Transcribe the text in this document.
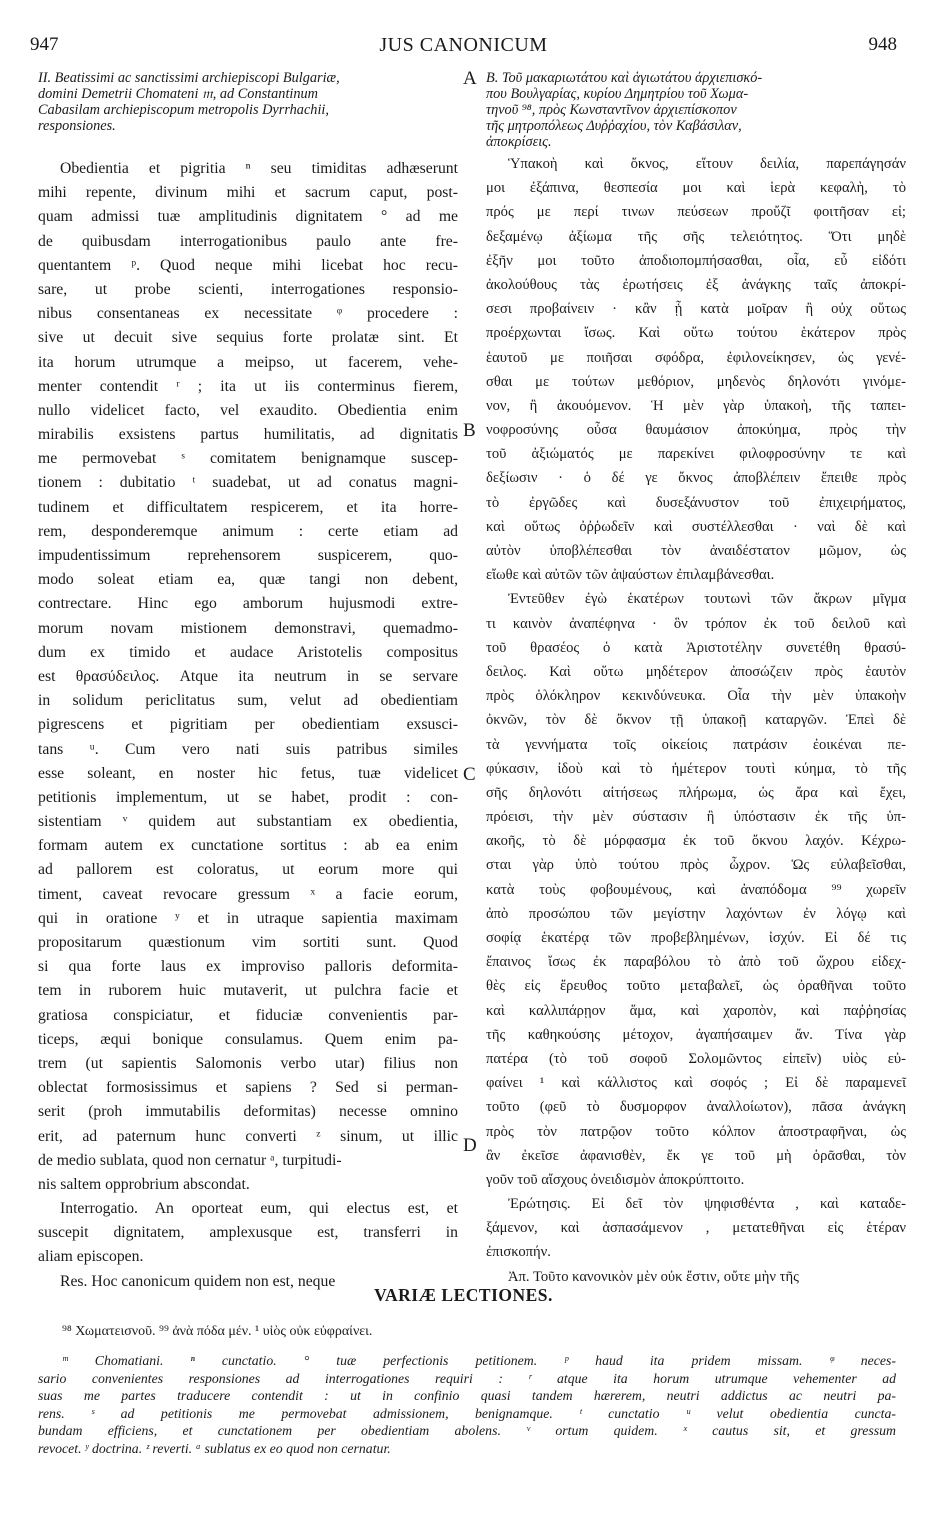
947	JUS CANONICUM	948
II. Beatissimi ac sanctissimi archiepiscopi Bulgariæ,
domini Demetrii Chomateni 𝔪, ad Constantinum
Cabasilam archiepiscopum metropolis Dyrrhachii,
responsiones.
Obedientia et pigritia ⁿ seu timiditas adhæserunt
mihi repente, divinum mihi et sacrum caput, post-
quam admissi tuæ amplitudinis dignitatem ° ad me
de quibusdam interrogationibus paulo ante fre-
quentantem ᵖ. Quod neque mihi licebat hoc recu-
sare, ut probe scienti, interrogationes responsio-
nibus consentaneas ex necessitate ᵠ procedere :
sive ut decuit sive sequius forte prolatæ sint. Et
ita horum utrumque a meipso, ut facerem, vehe-
menter contendit ʳ ; ita ut iis conterminus fierem,
nullo videlicet facto, vel exaudito. Obedientia enim
mirabilis exsistens partus humilitatis, ad dignitatis
me permovebat ˢ comitatem benignamque suscep-
tionem : dubitatio ᵗ suadebat, ut ad conatus magni-
tudinem et difficultatem respicerem, et ita horre-
rem, desponderemque animum : certe etiam ad
impudentissimum reprehensorem suspicerem, quo-
modo soleat etiam ea, quæ tangi non debent,
contrectare. Hinc ego amborum hujusmodi extre-
morum novam mistionem demonstravi, quemadmo-
dum ex timido et audace Aristotelis compositus
est θρασύδειλος. Atque ita neutrum in se servare
in solidum periclitatus sum, velut ad obedientiam
pigrescens et pigritiam per obedientiam exsusci-
tans ᵘ. Cum vero nati suis patribus similes
esse soleant, en noster hic fetus, tuæ videlicet
petitionis implementum, ut se habet, prodit : con-
sistentiam ᵛ quidem aut substantiam ex obedientia,
formam autem ex cunctatione sortitus : ab ea enim
ad pallorem est coloratus, ut eorum more qui
timent, caveat revocare gressum ˣ a facie eorum,
qui in oratione ʸ et in utraque sapientia maximam
propositarum quæstionum vim sortiti sunt. Quod
si qua forte laus ex improviso palloris deformita-
tem in ruborem huic mutaverit, ut pulchra facie et
gratiosa conspiciatur, et fiduciæ convenientis par-
ticeps, æqui bonique consulamus. Quem enim pa-
trem (ut sapientis Salomonis verbo utar) filius non
oblectat formosissimus et sapiens ? Sed si perman-
serit (proh immutabilis deformitas) necesse omnino
erit, ad paternum hunc converti ᶻ sinum, ut illic
de medio sublata, quod non cernatur ᵃ, turpitudi-
nis saltem opprobrium abscondat.
Interrogatio. An oporteat eum, qui electus est, et
suscepit dignitatem, amplexusque est, transferri in
aliam episcopen.
Res. Hoc canonicum quidem non est, neque
B. Τοῦ μακαριωτάτου καὶ ἁγιωτάτου ἀρχιεπισκό-
που Βουλγαρίας, κυρίου Δημητρίου τοῦ Χωμα-
τηνοῦ ⁹⁸, πρὸς Κωνσταντῖνον ἀρχιεπίσκοπον
τῆς μητροπόλεως Δυῤῥαχίου, τὸν Καβάσιλαν,
ἀποκρίσεις.
Ὑπακοὴ καὶ ὄκνος, εἴτουν δειλία, παρεπάγησάν
μοι ἐξάπινα, θεσπεσία μοι καὶ ἱερὰ κεφαλὴ, τὸ
πρός με περί τινων πεύσεων προὔζῖ φοιτῆσαν εἰ;
δεξαμένῳ ἀξίωμα τῆς σῆς τελειότητος. Ὅτι μηδὲ
ἐξῆν μοι τοῦτο ἀποδιοπομπήσασθαι, οἷα, εὖ εἰδότι
ἀκολούθους τὰς ἐρωτήσεις ἐξ ἀνάγκης ταῖς ἀποκρί-
σεσι προβαίνειν · κἂν ᾗ κατὰ μοῖραν ἢ οὐχ οὕτως
προέρχωνται ἴσως. Καὶ οὕτω τούτου ἑκάτερον πρὸς
ἑαυτοῦ με ποιῆσαι σφόδρα, ἐφιλονείκησεν, ὡς γενέ-
σθαι με τούτων μεθόριον, μηδενὸς δηλονότι γινόμε-
νον, ἢ ἀκουόμενον. Ἡ μὲν γὰρ ὑπακοὴ, τῆς ταπει-
νοφροσύνης οὖσα θαυμάσιον ἀποκύημα, πρὸς τὴν
τοῦ ἀξιώματός με παρεκίνει φιλοφροσύνην τε καὶ
δεξίωσιν · ὁ δέ γε ὄκνος ἀποβλέπειν ἔπειθε πρὸς
τὸ ἐργῶδες καὶ δυσεξάνυστον τοῦ ἐπιχειρήματος,
καὶ οὕτως ὀῤῥωδεῖν καὶ συστέλλεσθαι · ναὶ δὲ καὶ
αὐτὸν ὑποβλέπεσθαι τὸν ἀναιδέστατον μῶμον, ὡς
εἴωθε καὶ αὐτῶν τῶν ἀψαύστων ἐπιλαμβάνεσθαι.
Ἐντεῦθεν ἐγὼ ἑκατέρων τουτωνὶ τῶν ἄκρων μῖγμα
τι καινὸν ἀναπέφηνα · ὃν τρόπον ἐκ τοῦ δειλοῦ καὶ
τοῦ θρασέος ὁ κατὰ Ἀριστοτέλην συνετέθη θρασύ-
δειλος. Καὶ οὕτω μηδέτερον ἀποσώζειν πρὸς ἑαυτὸν
πρὸς ὁλόκληρον κεκινδύνευκα. Οἷα τὴν μὲν ὑπακοὴν
ὀκνῶν, τὸν δὲ ὄκνον τῇ ὑπακοῇ καταργῶν. Ἐπεὶ δὲ
τὰ γεννήματα τοῖς οἰκείοις πατράσιν ἐοικέναι πε-
φύκασιν, ἰδοὺ καὶ τὸ ἡμέτερον τουτὶ κύημα, τὸ τῆς
σῆς δηλονότι αἰτήσεως πλήρωμα, ὡς ἄρα καὶ ἔχει,
πρόεισι, τὴν μὲν σύστασιν ἢ ὑπόστασιν ἐκ τῆς ὑπ-
ακοῆς, τὸ δὲ μόρφασμα ἐκ τοῦ ὄκνου λαχόν. Κέχρω-
σται γὰρ ὑπὸ τούτου πρὸς ὦχρον. Ὡς εὐλαβεῖσθαι,
κατὰ τοὺς φοβουμένους, καὶ ἀναπόδομα ⁹⁹ χωρεῖν
ἀπὸ προσώπου τῶν μεγίστην λαχόντων ἐν λόγῳ καὶ
σοφίᾳ ἑκατέρᾳ τῶν προβεβλημένων, ἰσχύν. Εἰ δέ τις
ἔπαινος ἴσως ἐκ παραβόλου τὸ ἀπὸ τοῦ ὤχρου εἰδεχ-
θὲς εἰς ἔρευθος τοῦτο μεταβαλεῖ, ὡς ὀραθῆναι τοῦτο
καὶ καλλιπάρῃον ἅμα, καὶ χαροπὸν, καὶ παῤῥησίας
τῆς καθηκούσης μέτοχον, ἀγαπήσαιμεν ἄν. Τίνα γὰρ
πατέρα (τὸ τοῦ σοφοῦ Σολομῶντος εἰπεῖν) υἱὸς εὐ-
φαίνει ¹ καὶ κάλλιστος καὶ σοφός ; Εἰ δὲ παραμενεῖ
τοῦτο (φεῦ τὸ δυσμορφον ἀναλλοίωτον), πᾶσα ἀνάγκη
πρὸς τὸν πατρῷον τοῦτο κόλπον ἀποστραφῆναι, ὡς
ἂν ἐκεῖσε ἀφανισθὲν, ἔκ γε τοῦ μὴ ὁρᾶσθαι, τὸν
γοῦν τοῦ αἴσχους ὀνειδισμὸν ἀποκρύπτοιτο.
Ἐρώτησις. Εἰ δεῖ τὸν ψηφισθέντα , καὶ καταδε-
ξάμενον, καὶ ἀσπασάμενον , μετατεθῆναι εἰς ἑτέραν
ἐπισκοπήν.
Ἀπ. Τοῦτο κανονικὸν μὲν οὐκ ἔστιν, οὔτε μὴν τῆς
A
B
C
D
VARIÆ LECTIONES.
⁹⁸ Χωματεισνοῦ. ⁹⁹ ἀνὰ πόδα μέν. ¹ υἱὸς οὐκ εὐφραίνει.
ᵐ Chomatiani. ⁿ cunctatio. ° tuæ perfectionis petitionem. ᵖ haud ita pridem missam. ᵠ neces-
sario convenientes responsiones ad interrogationes requiri : ʳ atque ita horum utrumque vehementer ad
suas me partes traducere contendit : ut in confinio quasi tandem hærerem, neutri addictus ac neutri pa-
rens. ˢ ad petitionis me permovebat admissionem, benignamque. ᵗ cunctatio ᵘ velut obedientia cuncta-
bundam efficiens, et cunctationem per obedientiam abolens. ᵛ ortum quidem. ˣ cautus sit, et gressum
revocet. ʸ doctrina. ᶻ reverti. ᵃ sublatus ex eo quod non cernatur.
